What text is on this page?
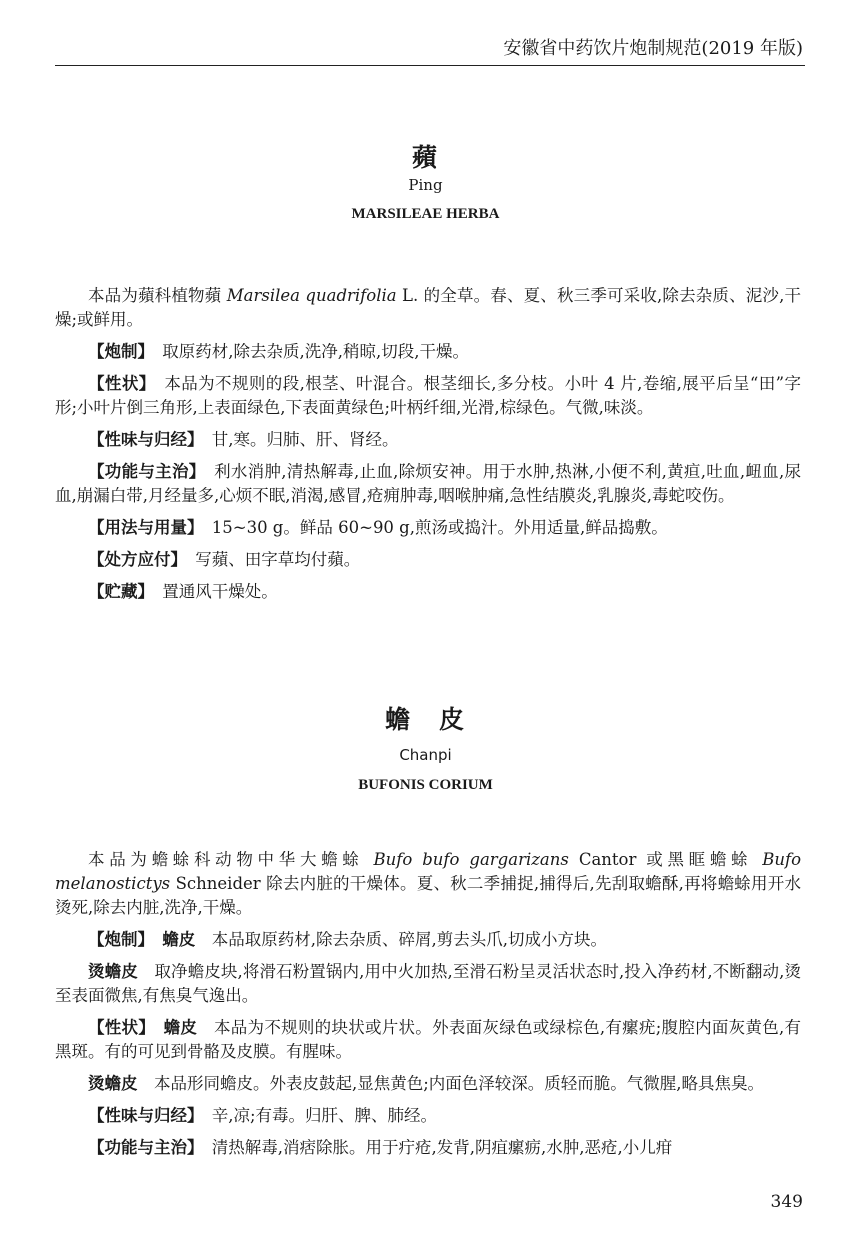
安徽省中药饮片炮制规范(2019 年版)
蘋
Ping
MARSILEAE HERBA

本品为蘋科植物蘋 Marsilea quadrifolia L. 的全草。春、夏、秋三季可采收,除去杂质、泥沙,干燥;或鲜用。

【炮制】　 取原药材,除去杂质,洗净,稍晾,切段,干燥。

【性状】　 本品为不规则的段,根茎、叶混合。根茎细长,多分枝。小叶 4 片,卷缩,展平后呈“田”字形;小叶片倒三角形,上表面绿色,下表面黄绿色;叶柄纤细,光滑,棕绿色。气微,味淡。

【性味与归经】　 甘,寒。归肺、肝、肾经。

【功能与主治】　 利水消肿,清热解毒,止血,除烦安神。用于水肿,热淋,小便不利,黄疸,吐血,衄血,尿血,崩漏白带,月经量多,心烦不眠,消渴,感冒,疮痈肿毒,咽喉肿痛,急性结膜炎,乳腺炎,毒蛇咬伤。

【用法与用量】　 15~30 g。鲜品 60~90 g,煎汤或捣汁。外用适量,鲜品捣敷。

【处方应付】　 写蘋、田字草均付蘋。

【贮藏】　 置通风干燥处。

蟾　皮
Chanpi
BUFONIS CORIUM

本品为蟾蜍科动物中华大蟾蜍 Bufo bufo gargarizans Cantor 或黑眶蟾蜍 Bufo melanostictys Schneider 除去内脏的干燥体。夏、秋二季捕捉,捕得后,先刮取蟾酥,再将蟾蜍用开水烫死,除去内脏,洗净,干燥。

【炮制】　 蟾皮　 本品取原药材,除去杂质、碎屑,剪去头爪,切成小方块。

烫蟾皮　 取净蟾皮块,将滑石粉置锅内,用中火加热,至滑石粉呈灵活状态时,投入净药材,不断翻动,烫至表面微焦,有焦臭气逸出。

【性状】　 蟾皮　 本品为不规则的块状或片状。外表面灰绿色或绿棕色,有瘰疣;腹腔内面灰黄色,有黑斑。有的可见到骨骼及皮膜。有腥味。

烫蟾皮　 本品形同蟾皮。外表皮鼓起,显焦黄色;内面色泽较深。质轻而脆。气微腥,略具焦臭。

【性味与归经】　 辛,凉;有毒。归肝、脾、肺经。

【功能与主治】　 清热解毒,消痞除胀。用于疔疮,发背,阴疽瘰疬,水肿,恶疮,小儿疳

349
